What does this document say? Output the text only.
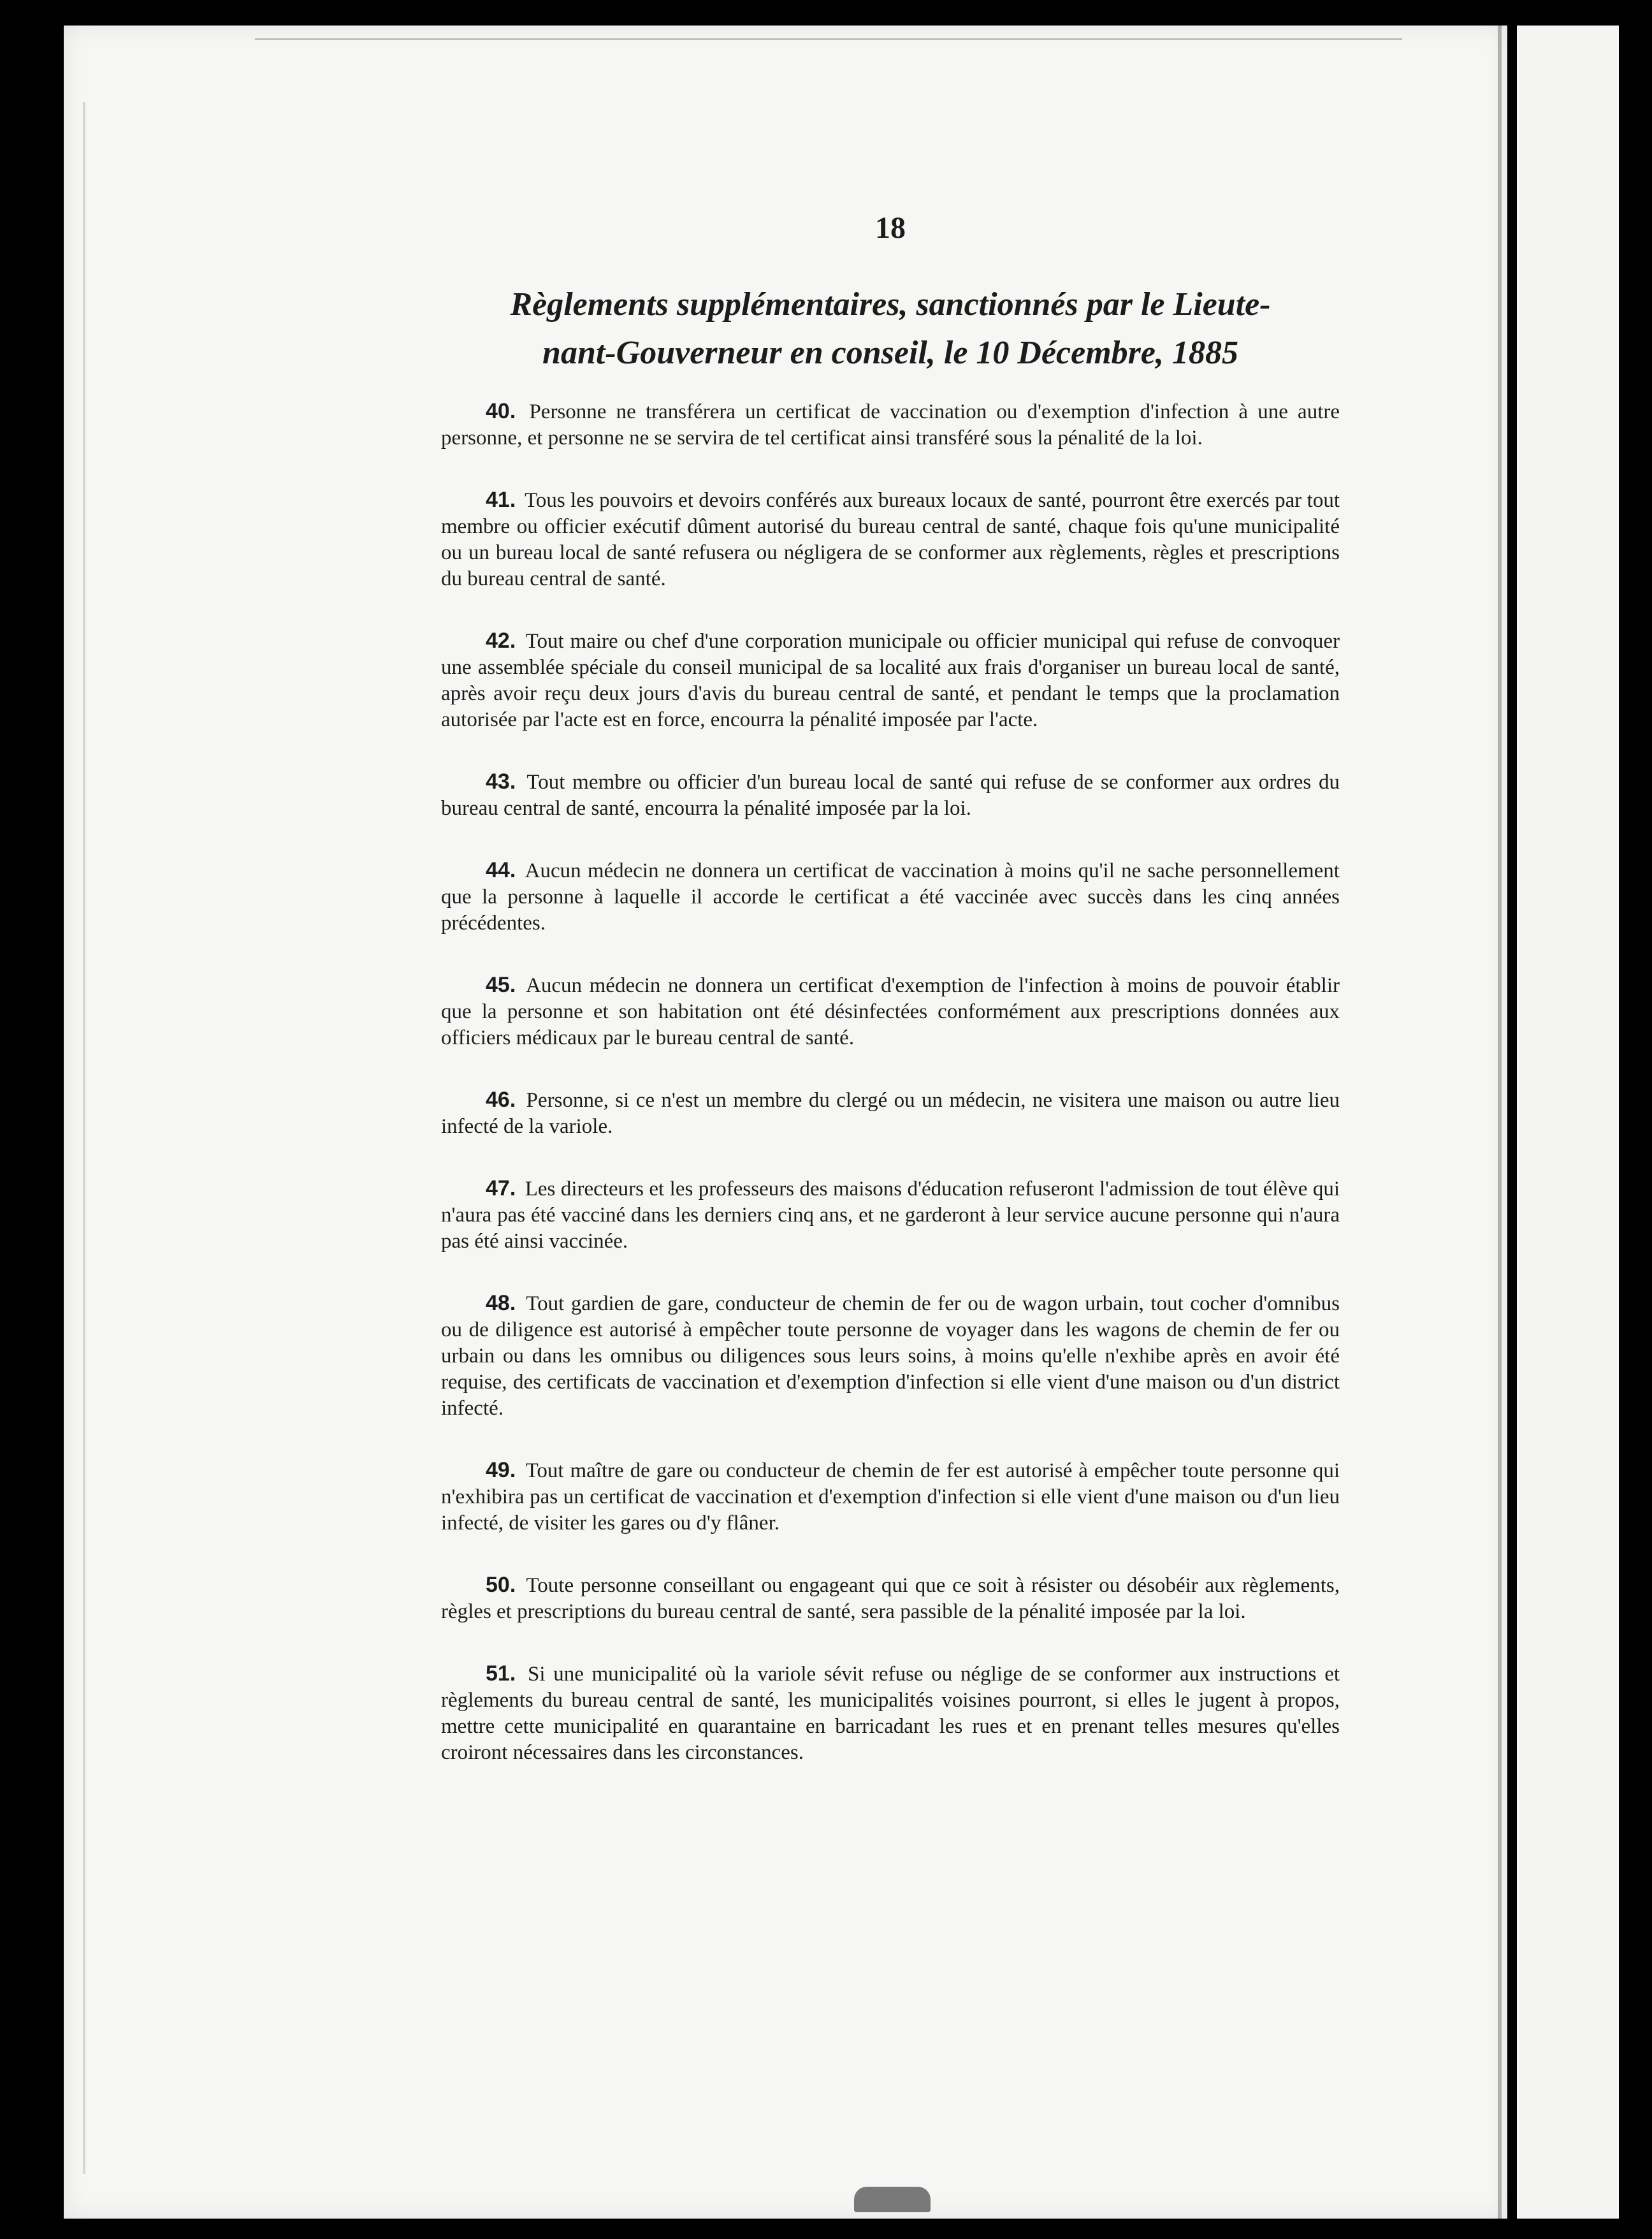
18

Règlements supplémentaires, sanctionnés par le Lieute-
nant-Gouverneur en conseil, le 10 Décembre, 1885
40. Personne ne transférera un certificat de vaccination ou d'exemption d'infection à une autre personne, et personne ne se servira de tel certificat ainsi transféré sous la pénalité de la loi.
41. Tous les pouvoirs et devoirs conférés aux bureaux locaux de santé, pourront être exercés par tout membre ou officier exécutif dûment autorisé du bureau central de santé, chaque fois qu'une municipalité ou un bureau local de santé refusera ou négligera de se conformer aux règlements, règles et prescriptions du bureau central de santé.
42. Tout maire ou chef d'une corporation municipale ou officier municipal qui refuse de convoquer une assemblée spéciale du conseil municipal de sa localité aux frais d'organiser un bureau local de santé, après avoir reçu deux jours d'avis du bureau central de santé, et pendant le temps que la proclamation autorisée par l'acte est en force, encourra la pénalité imposée par l'acte.
43. Tout membre ou officier d'un bureau local de santé qui refuse de se conformer aux ordres du bureau central de santé, encourra la pénalité imposée par la loi.
44. Aucun médecin ne donnera un certificat de vaccination à moins qu'il ne sache personnellement que la personne à laquelle il accorde le certificat a été vaccinée avec succès dans les cinq années précédentes.
45. Aucun médecin ne donnera un certificat d'exemption de l'infection à moins de pouvoir établir que la personne et son habitation ont été désinfectées conformément aux prescriptions données aux officiers médicaux par le bureau central de santé.
46. Personne, si ce n'est un membre du clergé ou un médecin, ne visitera une maison ou autre lieu infecté de la variole.
47. Les directeurs et les professeurs des maisons d'éducation refuseront l'admission de tout élève qui n'aura pas été vacciné dans les derniers cinq ans, et ne garderont à leur service aucune personne qui n'aura pas été ainsi vaccinée.
48. Tout gardien de gare, conducteur de chemin de fer ou de wagon urbain, tout cocher d'omnibus ou de diligence est autorisé à empêcher toute personne de voyager dans les wagons de chemin de fer ou urbain ou dans les omnibus ou diligences sous leurs soins, à moins qu'elle n'exhibe après en avoir été requise, des certificats de vaccination et d'exemption d'infection si elle vient d'une maison ou d'un district infecté.
49. Tout maître de gare ou conducteur de chemin de fer est autorisé à empêcher toute personne qui n'exhibira pas un certificat de vaccination et d'exemption d'infection si elle vient d'une maison ou d'un lieu infecté, de visiter les gares ou d'y flâner.
50. Toute personne conseillant ou engageant qui que ce soit à résister ou désobéir aux règlements, règles et prescriptions du bureau central de santé, sera passible de la pénalité imposée par la loi.
51. Si une municipalité où la variole sévit refuse ou néglige de se conformer aux instructions et règlements du bureau central de santé, les municipalités voisines pourront, si elles le jugent à propos, mettre cette municipalité en quarantaine en barricadant les rues et en prenant telles mesures qu'elles croiront nécessaires dans les circonstances.
